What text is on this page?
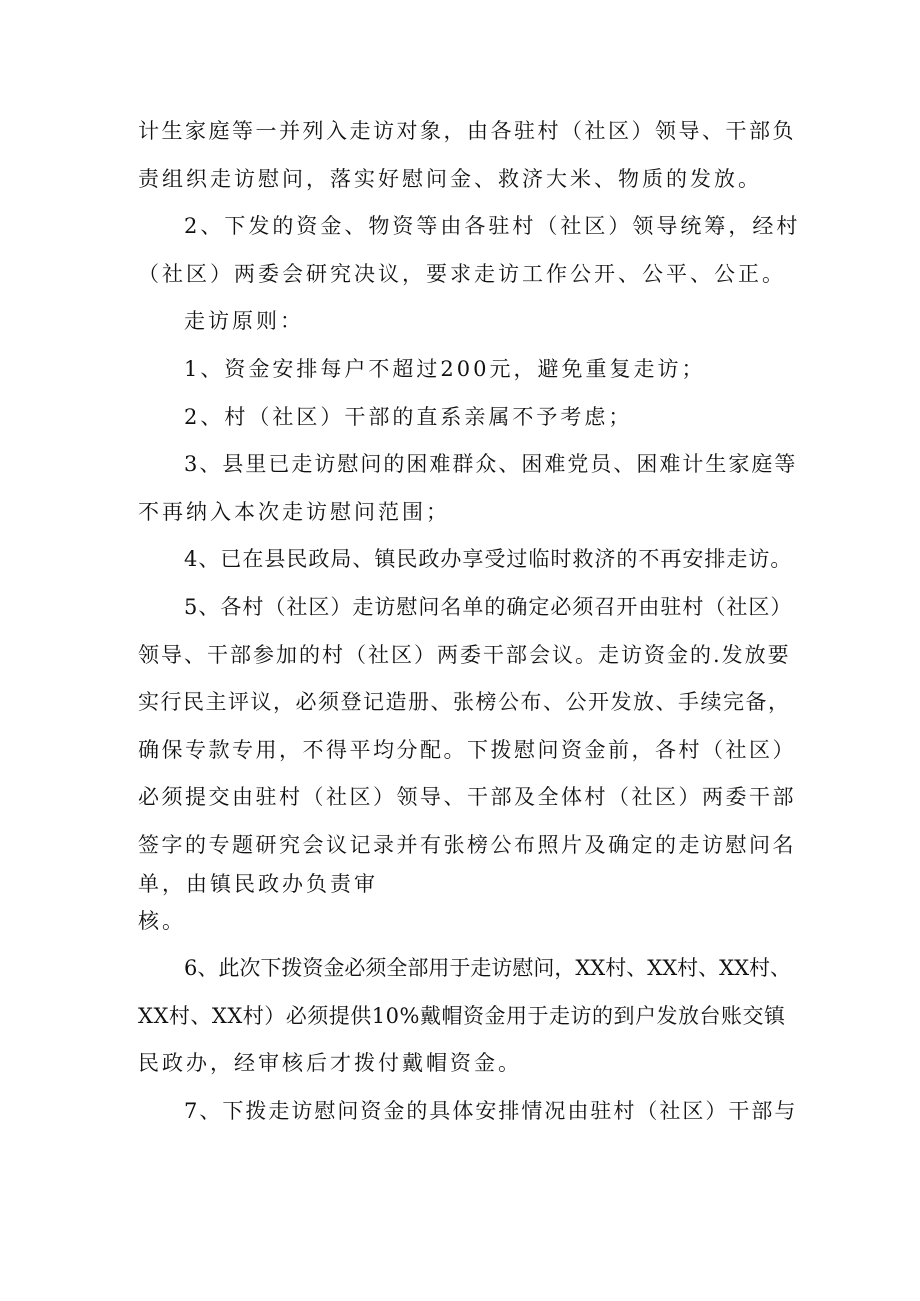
计生家庭等一并列入走访对象，由各驻村（社区）领导、干部负
责组织走访慰问，落实好慰问金、救济大米、物质的发放。
2、下发的资金、物资等由各驻村（社区）领导统筹，经村
（社区）两委会研究决议，要求走访工作公开、公平、公正。
走访原则：
1、资金安排每户不超过200元，避免重复走访；
2、村（社区）干部的直系亲属不予考虑；
3、县里已走访慰问的困难群众、困难党员、困难计生家庭等
不再纳入本次走访慰问范围；
4、已在县民政局、镇民政办享受过临时救济的不再安排走访。
5、各村（社区）走访慰问名单的确定必须召开由驻村（社区）
领导、干部参加的村（社区）两委干部会议。走访资金的.发放要
实行民主评议，必须登记造册、张榜公布、公开发放、手续完备，
确保专款专用，不得平均分配。下拨慰问资金前，各村（社区）
必须提交由驻村（社区）领导、干部及全体村（社区）两委干部
签字的专题研究会议记录并有张榜公布照片及确定的走访慰问名
单，由镇民政办负责审
核。
6、此次下拨资金必须全部用于走访慰问，XX村、XX村、XX村、
XX村、XX村）必须提供10%戴帽资金用于走访的到户发放台账交镇
民政办，经审核后才拨付戴帽资金。
7、下拨走访慰问资金的具体安排情况由驻村（社区）干部与
